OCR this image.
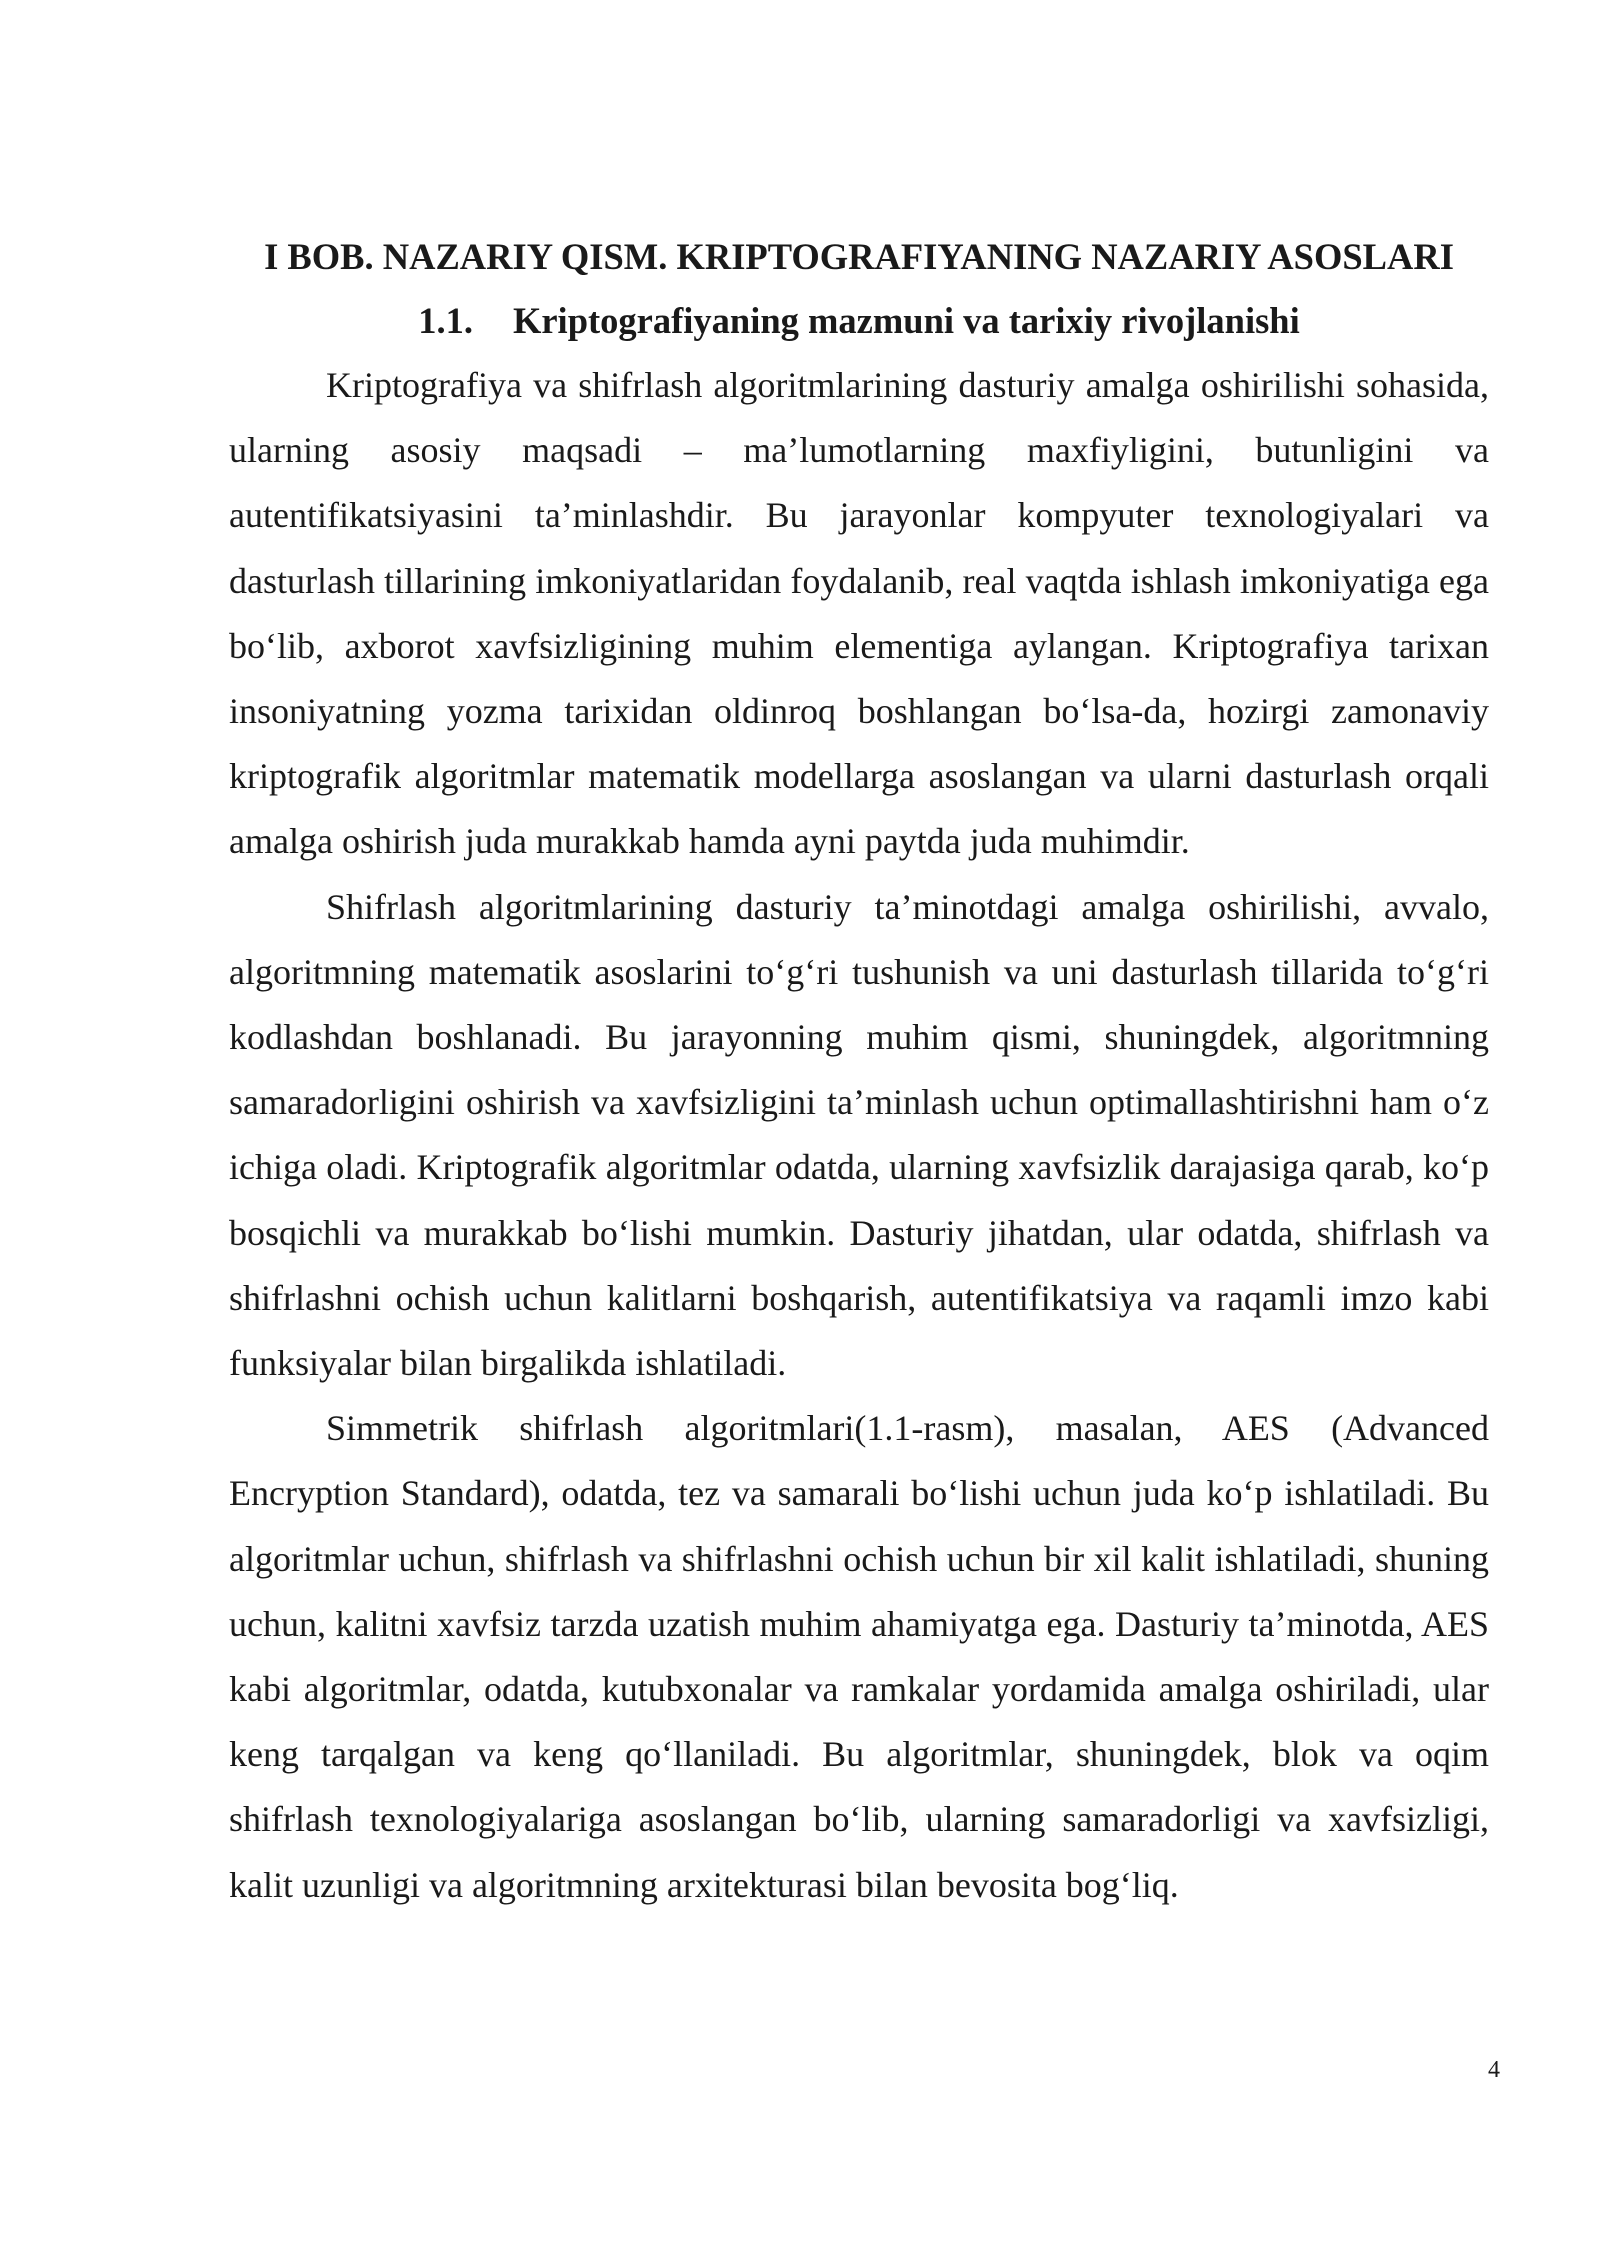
I BOB. NAZARIY QISM. KRIPTOGRAFIYANING NAZARIY ASOSLARI
1.1. Kriptografiyaning mazmuni va tarixiy rivojlanishi

Kriptografiya va shifrlash algoritmlarining dasturiy amalga oshirilishi sohasida, ularning asosiy maqsadi – ma’lumotlarning maxfiyligini, butunligini va autentifikatsiyasini ta’minlashdir. Bu jarayonlar kompyuter texnologiyalari va dasturlash tillarining imkoniyatlaridan foydalanib, real vaqtda ishlash imkoniyatiga ega bo‘lib, axborot xavfsizligining muhim elementiga aylangan. Kriptografiya tarixan insoniyatning yozma tarixidan oldinroq boshlangan bo‘lsa-da, hozirgi zamonaviy kriptografik algoritmlar matematik modellarga asoslangan va ularni dasturlash orqali amalga oshirish juda murakkab hamda ayni paytda juda muhimdir.

Shifrlash algoritmlarining dasturiy ta’minotdagi amalga oshirilishi, avvalo, algoritmning matematik asoslarini to‘g‘ri tushunish va uni dasturlash tillarida to‘g‘ri kodlashdan boshlanadi. Bu jarayonning muhim qismi, shuningdek, algoritmning samaradorligini oshirish va xavfsizligini ta’minlash uchun optimallashtirishni ham o‘z ichiga oladi. Kriptografik algoritmlar odatda, ularning xavfsizlik darajasiga qarab, ko‘p bosqichli va murakkab bo‘lishi mumkin. Dasturiy jihatdan, ular odatda, shifrlash va shifrlashni ochish uchun kalitlarni boshqarish, autentifikatsiya va raqamli imzo kabi funksiyalar bilan birgalikda ishlatiladi.

Simmetrik shifrlash algoritmlari(1.1-rasm), masalan, AES (Advanced Encryption Standard), odatda, tez va samarali bo‘lishi uchun juda ko‘p ishlatiladi. Bu algoritmlar uchun, shifrlash va shifrlashni ochish uchun bir xil kalit ishlatiladi, shuning uchun, kalitni xavfsiz tarzda uzatish muhim ahamiyatga ega. Dasturiy ta’minotda, AES kabi algoritmlar, odatda, kutubxonalar va ramkalar yordamida amalga oshiriladi, ular keng tarqalgan va keng qo‘llaniladi. Bu algoritmlar, shuningdek, blok va oqim shifrlash texnologiyalariga asoslangan bo‘lib, ularning samaradorligi va xavfsizligi, kalit uzunligi va algoritmning arxitekturasi bilan bevosita bog‘liq.

4
